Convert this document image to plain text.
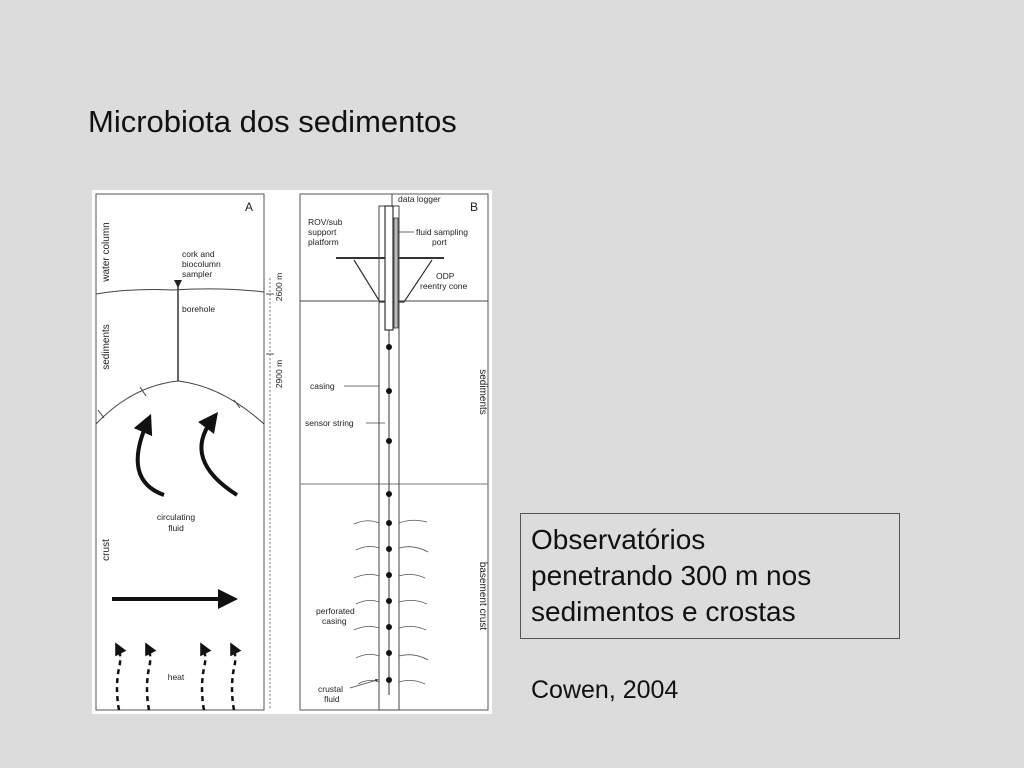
Microbiota dos sedimentos
A
water column
sediments
crust
cork and
biocolumn
sampler
borehole
circulating
fluid
heat
2600 m
2900 m
B
sediments
basement crust
data logger
ROV/sub
support
platform
fluid sampling
port
ODP
reentry cone
casing
sensor string
perforated
casing
crustal
fluid
Observatórios
penetrando 300 m nos
sedimentos e crostas
Cowen, 2004
